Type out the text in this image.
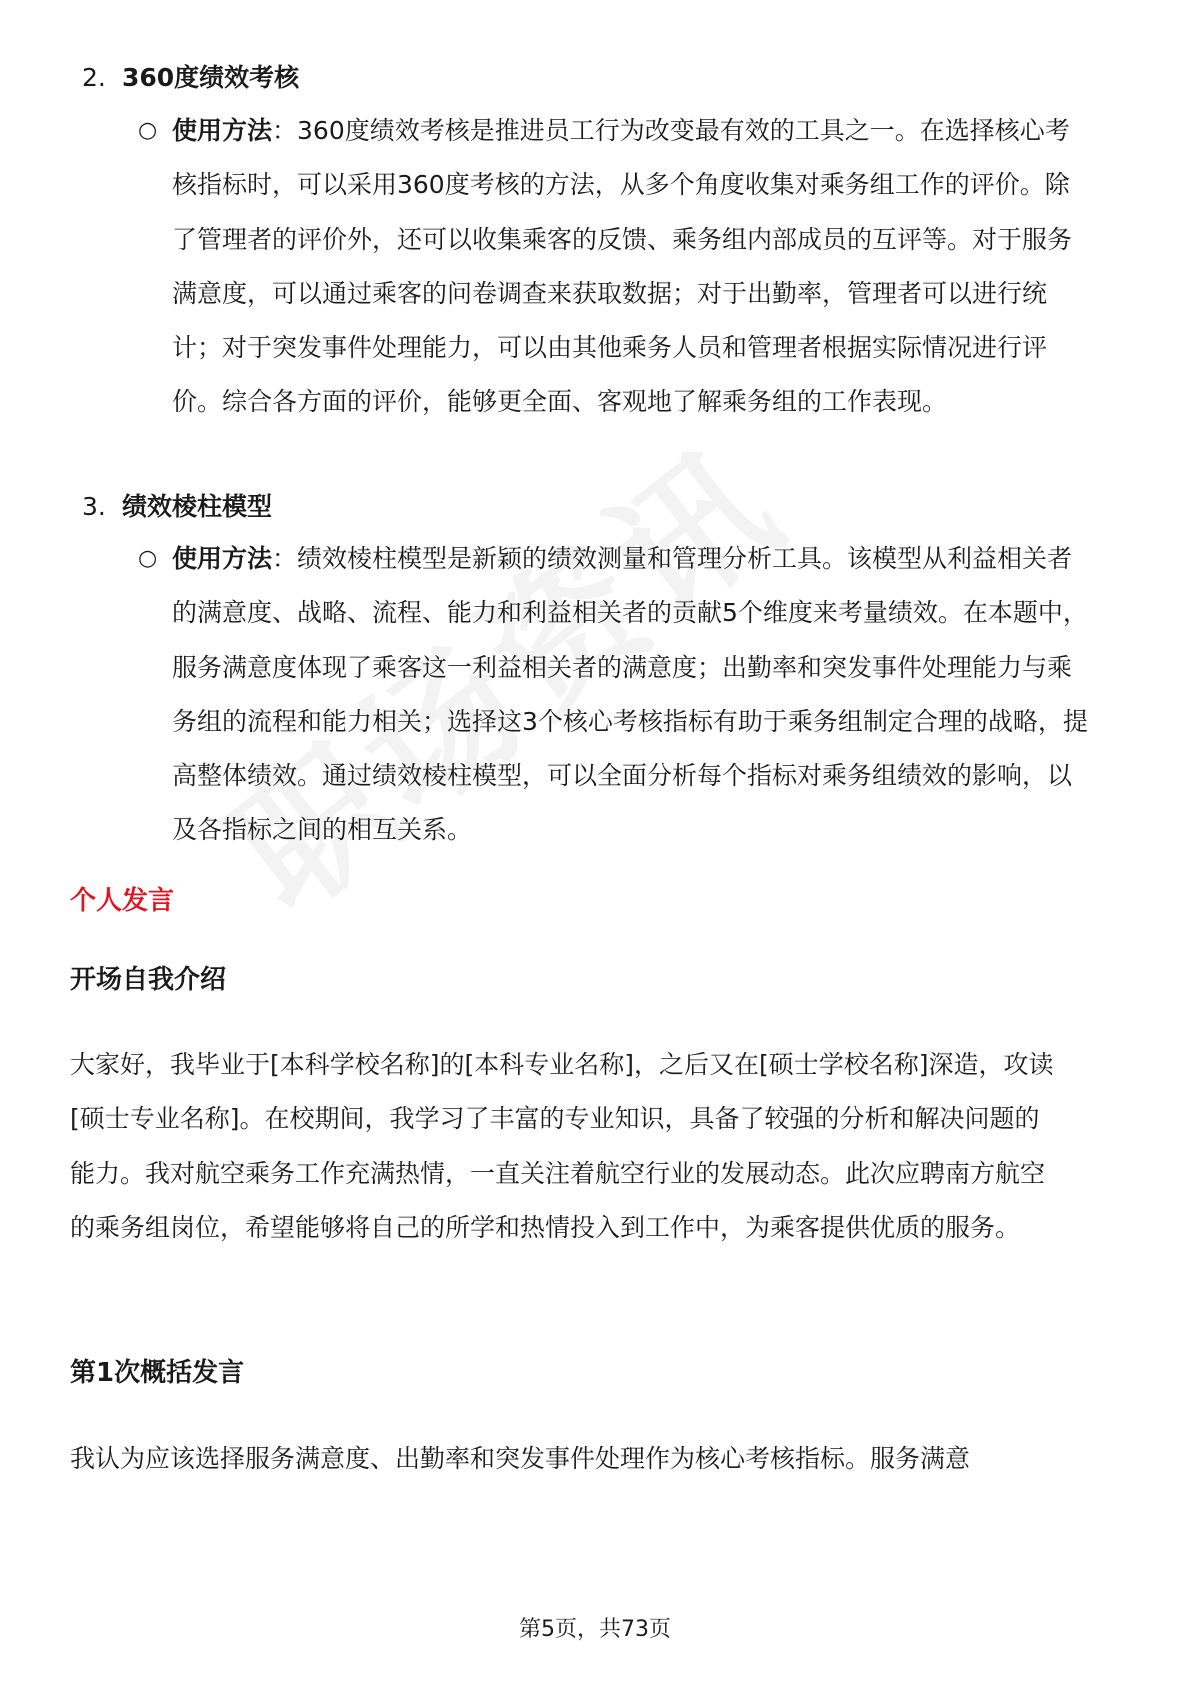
2. 360度绩效考核
○ 使用方法：360度绩效考核是推进员工行为改变最有效的工具之一。在选择核心考核指标时，可以采用360度考核的方法，从多个角度收集对乘务组工作的评价。除了管理者的评价外，还可以收集乘客的反馈、乘务组内部成员的互评等。对于服务满意度，可以通过乘客的问卷调查来获取数据；对于出勤率，管理者可以进行统计；对于突发事件处理能力，可以由其他乘务人员和管理者根据实际情况进行评价。综合各方面的评价，能够更全面、客观地了解乘务组的工作表现。

3. 绩效棱柱模型
○ 使用方法：绩效棱柱模型是新颖的绩效测量和管理分析工具。该模型从利益相关者的满意度、战略、流程、能力和利益相关者的贡献5个维度来考量绩效。在本题中，服务满意度体现了乘客这一利益相关者的满意度；出勤率和突发事件处理能力与乘务组的流程和能力相关；选择这3个核心考核指标有助于乘务组制定合理的战略，提高整体绩效。通过绩效棱柱模型，可以全面分析每个指标对乘务组绩效的影响，以及各指标之间的相互关系。

个人发言
开场自我介绍

大家好，我毕业于[本科学校名称]的[本科专业名称]，之后又在[硕士学校名称]深造，攻读[硕士专业名称]。在校期间，我学习了丰富的专业知识，具备了较强的分析和解决问题的能力。我对航空乘务工作充满热情，一直关注着航空行业的发展动态。此次应聘南方航空的乘务组岗位，希望能够将自己的所学和热情投入到工作中，为乘客提供优质的服务。

第1次概括发言

我认为应该选择服务满意度、出勤率和突发事件处理作为核心考核指标。服务满意

第5页，共73页
